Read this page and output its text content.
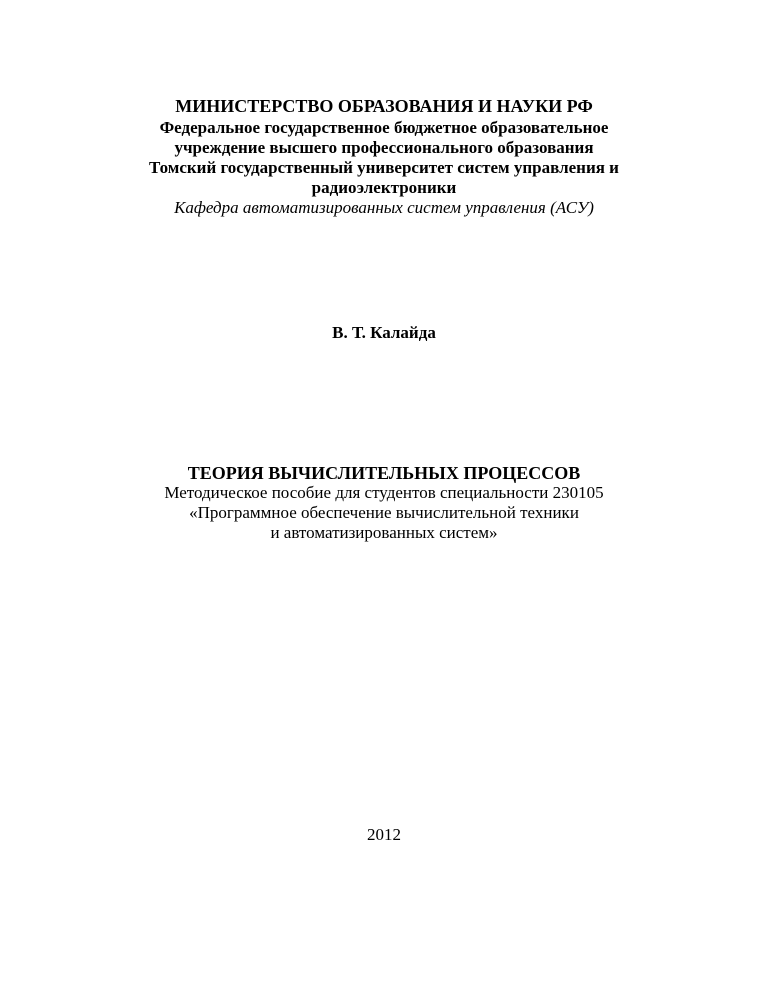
МИНИСТЕРСТВО ОБРАЗОВАНИЯ И НАУКИ РФ
Федеральное государственное бюджетное образовательное
учреждение высшего профессионального образования
Томский государственный университет систем управления и
радиоэлектроники
Кафедра автоматизированных систем управления (АСУ)
В. Т. Калайда
ТЕОРИЯ ВЫЧИСЛИТЕЛЬНЫХ ПРОЦЕССОВ
Методическое пособие для студентов специальности 230105
«Программное обеспечение вычислительной техники
и автоматизированных систем»
2012
